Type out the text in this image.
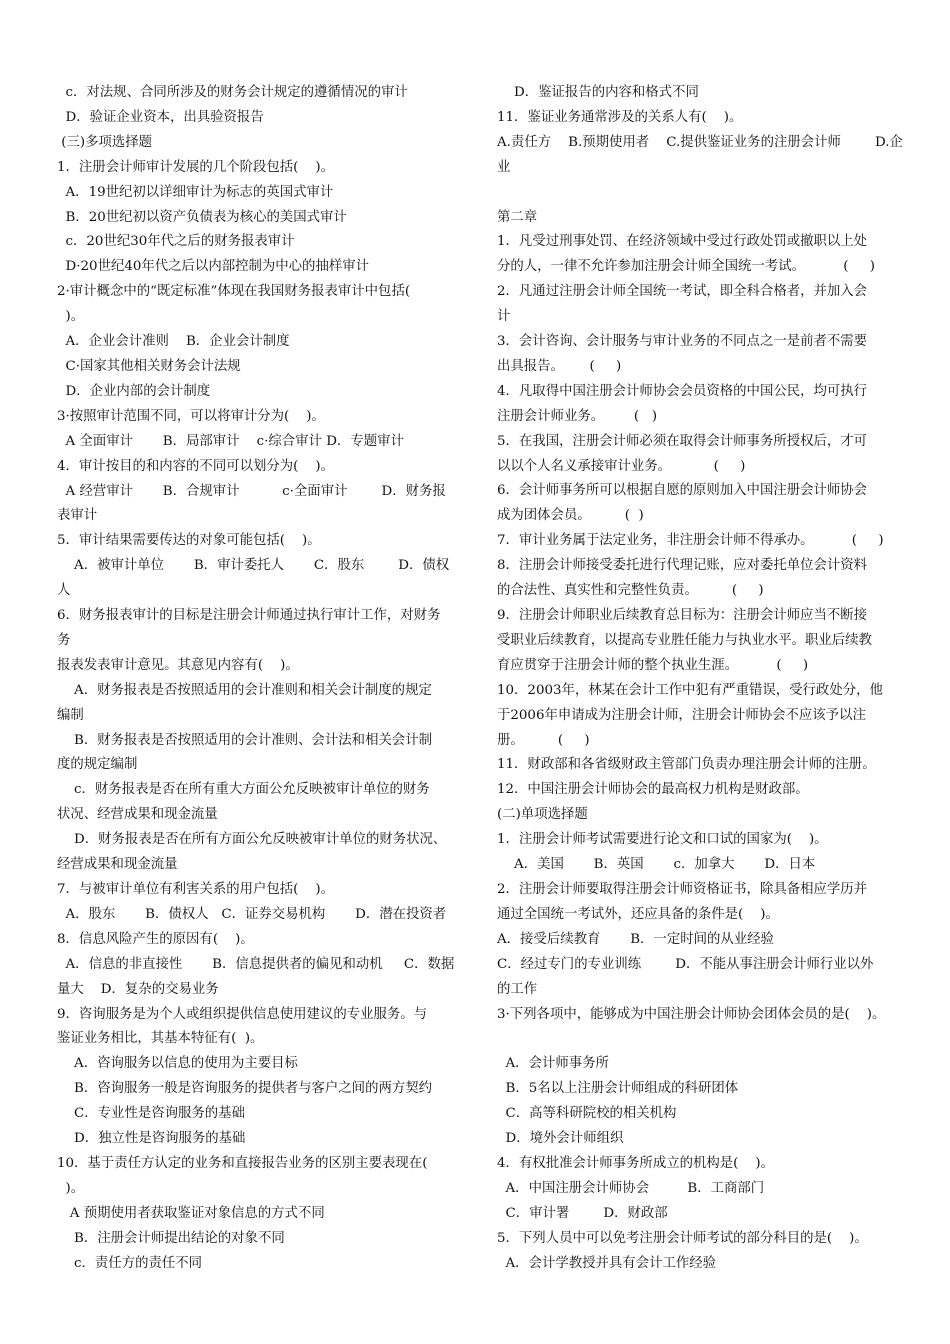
c．对法规、合同所涉及的财务会计规定的遵循情况的审计
D．验证企业资本，出具验资报告
(三)多项选择题
1．注册会计师审计发展的几个阶段包括(    )。
A．19世纪初以详细审计为标志的英国式审计
B．20世纪初以资产负债表为核心的美国式审计
c．20世纪30年代之后的财务报表审计
D·20世纪40年代之后以内部控制为中心的抽样审计
2·审计概念中的“既定标准”体现在我国财务报表审计中包括(
)。
A．企业会计准则    B．企业会计制度
C·国家其他相关财务会计法规
D．企业内部的会计制度
3·按照审计范围不同，可以将审计分为(    )。
A 全面审计       B．局部审计    c·综合审计 D．专题审计
4．审计按目的和内容的不同可以划分为(    )。
A 经营审计       B．合规审计          c·全面审计        D．财务报
表审计
5．审计结果需要传达的对象可能包括(    )。
A．被审计单位       B．审计委托人       C．股东        D．债权
人
6．财务报表审计的目标是注册会计师通过执行审计工作，对财务
务
报表发表审计意见。其意见内容有(    )。
A．财务报表是否按照适用的会计准则和相关会计制度的规定
编制
B．财务报表是否按照适用的会计准则、会计法和相关会计制
度的规定编制
c．财务报表是否在所有重大方面公允反映被审计单位的财务
状况、经营成果和现金流量
D．财务报表是否在所有方面公允反映被审计单位的财务状况、
经营成果和现金流量
7．与被审计单位有利害关系的用户包括(    )。
A．股东       B．债权人   C．证券交易机构       D．潜在投资者
8．信息风险产生的原因有(    )。
A．信息的非直接性       B．信息提供者的偏见和动机     C．数据
量大    D．复杂的交易业务
9．咨询服务是为个人或组织提供信息使用建议的专业服务。与
鉴证业务相比，其基本特征有(  )。
A．咨询服务以信息的使用为主要目标
B．咨询服务一般是咨询服务的提供者与客户之间的两方契约
C．专业性是咨询服务的基础
D．独立性是咨询服务的基础
10．基于责任方认定的业务和直接报告业务的区别主要表现在(
)。
A 预期使用者获取鉴证对象信息的方式不同
B．注册会计师提出结论的对象不同
c．责任方的责任不同
D．鉴证报告的内容和格式不同
11．鉴证业务通常涉及的关系人有(    )。
A.责任方    B.预期使用者    C.提供鉴证业务的注册会计师        D.企
业
第二章
1．凡受过刑事处罚、在经济领域中受过行政处罚或撤职以上处
分的人，一律不允许参加注册会计师全国统一考试。         (     )
2．凡通过注册会计师全国统一考试，即全科合格者，并加入会
计
3．会计咨询、会计服务与审计业务的不同点之一是前者不需要
出具报告。      (     )
4．凡取得中国注册会计师协会会员资格的中国公民，均可执行
注册会计师业务。       (   )
5．在我国，注册会计师必须在取得会计师事务所授权后，才可
以以个人名义承接审计业务。          (     )
6．会计师事务所可以根据自愿的原则加入中国注册会计师协会
成为团体会员。        (  )
7．审计业务属于法定业务，非注册会计师不得承办。         (     )
8．注册会计师接受委托进行代理记账，应对委托单位会计资料
的合法性、真实性和完整性负责。        (     )
9．注册会计师职业后续教育总目标为：注册会计师应当不断接
受职业后续教育，以提高专业胜任能力与执业水平。职业后续教
育应贯穿于注册会计师的整个执业生涯。         (     )
10．2003年，林某在会计工作中犯有严重错误，受行政处分，他
于2006年申请成为注册会计师，注册会计师协会不应该予以注
册。        (     )
11．财政部和各省级财政主管部门负责办理注册会计师的注册。
12．中国注册会计师协会的最高权力机构是财政部。
(二)单项选择题
1．注册会计师考试需要进行论文和口试的国家为(    )。
A．美国       B．英国       c．加拿大       D．日本
2．注册会计师要取得注册会计师资格证书，除具备相应学历并
通过全国统一考试外，还应具备的条件是(    )。
A．接受后续教育       B．一定时间的从业经验
C．经过专门的专业训练        D．不能从事注册会计师行业以外
的工作
3·下列各项中，能够成为中国注册会计师协会团体会员的是(    )。
A．会计师事务所
B．5名以上注册会计师组成的科研团体
C．高等科研院校的相关机构
D．境外会计师组织
4．有权批准会计师事务所成立的机构是(    )。
A．中国注册会计师协会         B．工商部门
C．审计署        D．财政部
5．下列人员中可以免考注册会计师考试的部分科目的是(    )。
A．会计学教授并具有会计工作经验
